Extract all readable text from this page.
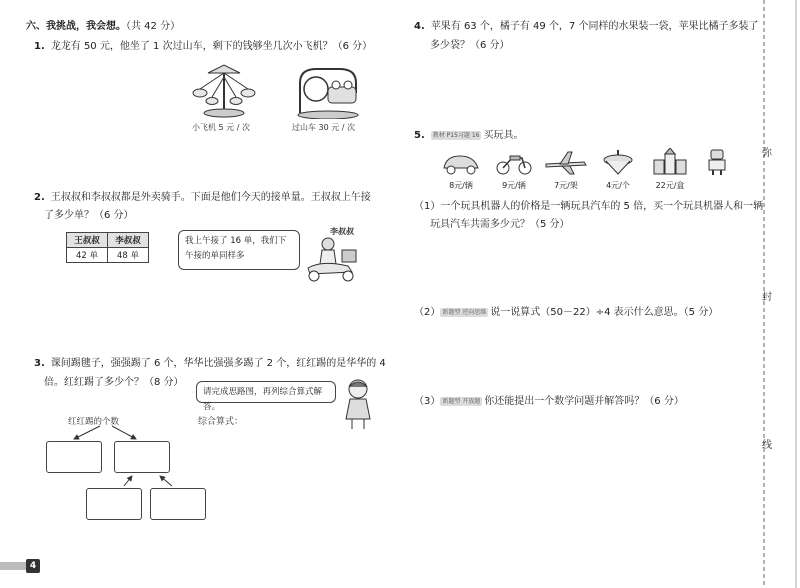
六、我挑战，我会想。（共 42 分）
1. 龙龙有 50 元，他坐了 1 次过山车，剩下的钱够坐几次小飞机？（6 分）
小飞机 5 元 / 次	过山车 30 元 / 次
2. 王叔叔和李叔叔都是外卖骑手。下面是他们今天的接单量。王叔叔上午接
了多少单？（6 分）
王叔叔	李叔叔
42 单	48 单
我上午接了 16 单，我们下午接的单同样多
李叔叔
3. 课间踢毽子，强强踢了 6 个，华华比强强多踢了 2 个，红红踢的是华华的 4
倍。红红踢了多少个？（8 分）
红红踢的个数
请完成思路图，再列综合算式解答。
综合算式：
4. 苹果有 63 个，橘子有 49 个，7 个同样的水果装一袋，苹果比橘子多装了
多少袋？（6 分）
5. 教材 P15习题 16 买玩具。
8元/辆	9元/辆	7元/架	4元/个	22元/盒
（1）一个玩具机器人的价格是一辆玩具汽车的 5 倍，买一个玩具机器人和一辆
玩具汽车共需多少元？（5 分）
（2） 新题型 逆向思维 说一说算式（50－22）÷4 表示什么意思。（5 分）
（3） 新题型 开放题 你还能提出一个数学问题并解答吗？（6 分）
弥
封
线
4
